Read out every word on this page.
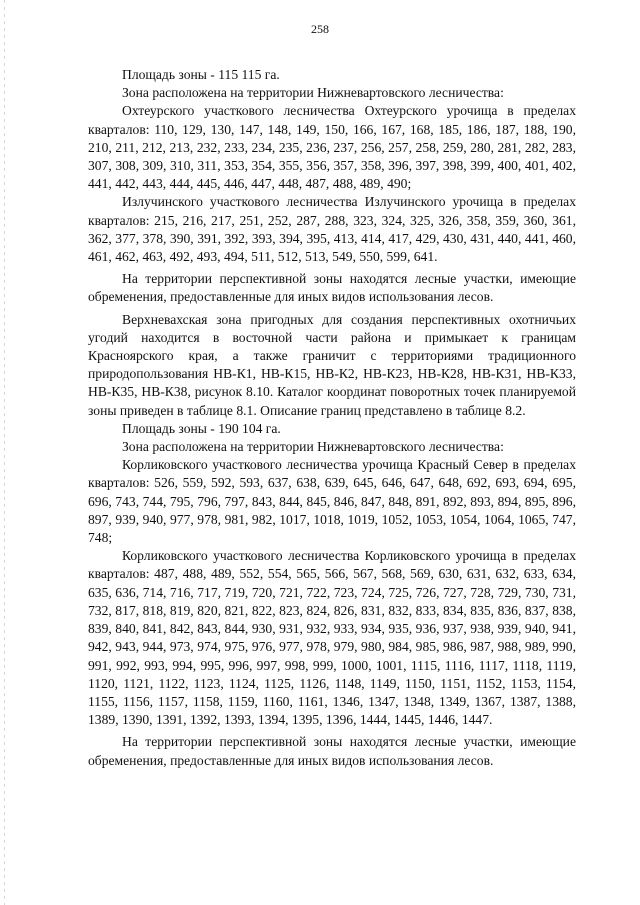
258

Площадь зоны - 115 115 га.

Зона расположена на территории Нижневартовского лесничества:

Охтеурского участкового лесничества Охтеурского урочища в пределах кварталов: 110, 129, 130, 147, 148, 149, 150, 166, 167, 168, 185, 186, 187, 188, 190, 210, 211, 212, 213, 232, 233, 234, 235, 236, 237, 256, 257, 258, 259, 280, 281, 282, 283, 307, 308, 309, 310, 311, 353, 354, 355, 356, 357, 358, 396, 397, 398, 399, 400, 401, 402, 441, 442, 443, 444, 445, 446, 447, 448, 487, 488, 489, 490;

Излучинского участкового лесничества Излучинского урочища в пределах кварталов: 215, 216, 217, 251, 252, 287, 288, 323, 324, 325, 326, 358, 359, 360, 361, 362, 377, 378, 390, 391, 392, 393, 394, 395, 413, 414, 417, 429, 430, 431, 440, 441, 460, 461, 462, 463, 492, 493, 494, 511, 512, 513, 549, 550, 599, 641.

На территории перспективной зоны находятся лесные участки, имеющие обременения, предоставленные для иных видов использования лесов.

Верхневахская зона пригодных для создания перспективных охотничьих угодий находится в восточной части района и примыкает к границам Красноярского края, а также граничит с территориями традиционного природопользования НВ-К1, НВ-К15, НВ-К2, НВ-К23, НВ-К28, НВ-К31, НВ-К33, НВ-К35, НВ-К38, рисунок 8.10. Каталог координат поворотных точек планируемой зоны приведен в таблице 8.1. Описание границ представлено в таблице 8.2.

Площадь зоны - 190 104 га.

Зона расположена на территории Нижневартовского лесничества:

Корликовского участкового лесничества урочища Красный Север в пределах кварталов: 526, 559, 592, 593, 637, 638, 639, 645, 646, 647, 648, 692, 693, 694, 695, 696, 743, 744, 795, 796, 797, 843, 844, 845, 846, 847, 848, 891, 892, 893, 894, 895, 896, 897, 939, 940, 977, 978, 981, 982, 1017, 1018, 1019, 1052, 1053, 1054, 1064, 1065, 747, 748;

Корликовского участкового лесничества Корликовского урочища в пределах кварталов: 487, 488, 489, 552, 554, 565, 566, 567, 568, 569, 630, 631, 632, 633, 634, 635, 636, 714, 716, 717, 719, 720, 721, 722, 723, 724, 725, 726, 727, 728, 729, 730, 731, 732, 817, 818, 819, 820, 821, 822, 823, 824, 826, 831, 832, 833, 834, 835, 836, 837, 838, 839, 840, 841, 842, 843, 844, 930, 931, 932, 933, 934, 935, 936, 937, 938, 939, 940, 941, 942, 943, 944, 973, 974, 975, 976, 977, 978, 979, 980, 984, 985, 986, 987, 988, 989, 990, 991, 992, 993, 994, 995, 996, 997, 998, 999, 1000, 1001, 1115, 1116, 1117, 1118, 1119, 1120, 1121, 1122, 1123, 1124, 1125, 1126, 1148, 1149, 1150, 1151, 1152, 1153, 1154, 1155, 1156, 1157, 1158, 1159, 1160, 1161, 1346, 1347, 1348, 1349, 1367, 1387, 1388, 1389, 1390, 1391, 1392, 1393, 1394, 1395, 1396, 1444, 1445, 1446, 1447.

На территории перспективной зоны находятся лесные участки, имеющие обременения, предоставленные для иных видов использования лесов.
